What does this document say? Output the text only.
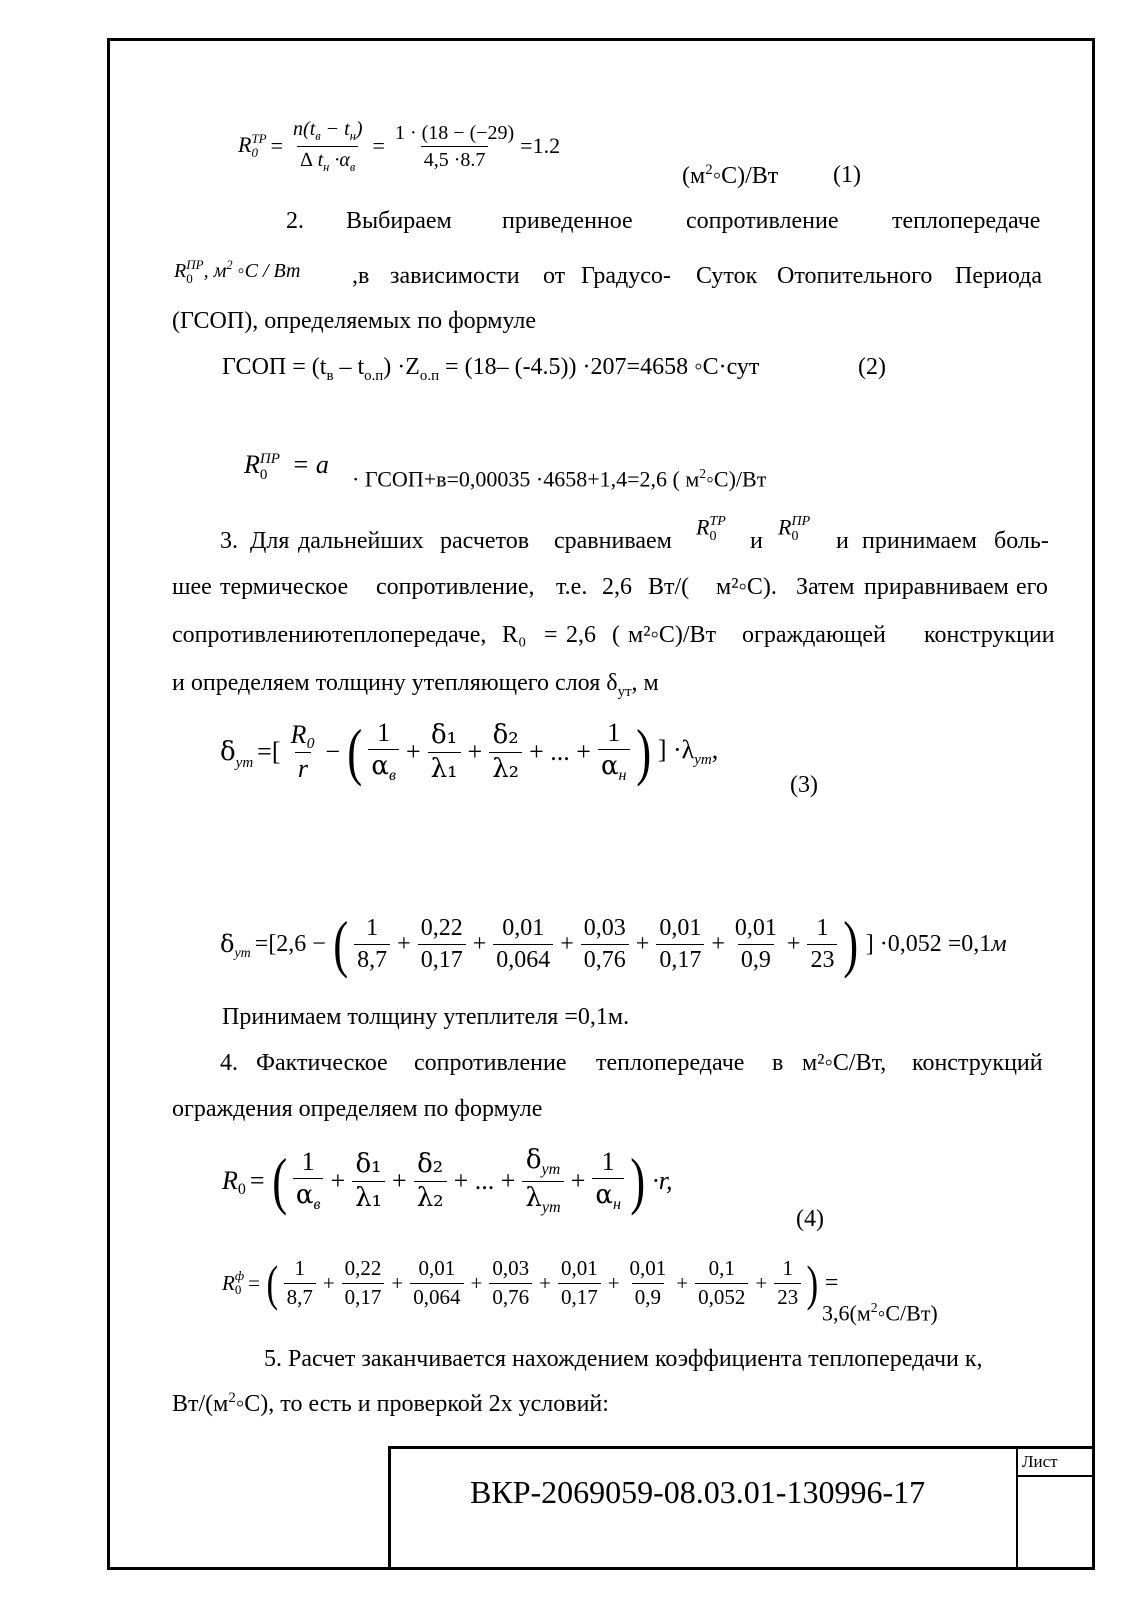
R ТР
$0 = \frac{n(t_в - t_н)}{\Delta t_н \cdot\alpha_в} = \frac{1 \cdot (18 - (-29)}{4,5 \cdot 8.7} =1.2$
$(м^2◦С)/Вт$ (1)
2. Выбираем приведенное сопротивление теплопередаче
R ПР
0 , $м^2$ ◦С / Вт ,в зависимости от Градусо- Суток Отопительного Периода
(ГСОП), определяемых по формуле
ГСОП = $(t_в - t_{о.п}) \cdot Z_{о.п} = (18-$ (-4.5)) ·207=4658 ◦С·сут	(2)
R ПР
0 = a · ГСОП+в=0,00035 ·4658+1,4=2,6 ( $м^2◦С)/Вт$
3. Для дальнейших расчетов сравниваем	и	и принимаем боль-
R ТР
0	R ПР
0
шее термическое сопротивление, т.е. 2,6 Вт/( м²◦С). Затем приравниваем его
сопротивлению теплопередаче, R₀ = 2,6 ( м²◦С)/Вт ограждающей конструкции
и определяем толщину утепляющего слоя $\delta_{ут}$, м
$\delta_{ут}$ =[ $\frac{\text{R₀}}{r}$ − ( $\frac{1}{\alpha_в} + \frac{\text{δ₁}}{\text{λ₁}} + \frac{\text{δ₂}}{\text{λ₂}}$ + ... + $\frac{1}{\alpha_н}$ ) ] $\cdot\lambda_{ут}$,
(3)
$\delta_{ут} =[2,6$ − ( $\frac{1}{8,7} + \frac{0,22}{0,17} + \frac{0,01}{0,064} + \frac{0,03}{0,76} + \frac{0,01}{0,17} + \frac{0,01}{0,9} + \frac{1}{23}$ ) ] ·0,052 =0,1м
Принимаем толщину утеплителя =0,1м.
4. Фактическое сопротивление теплопередаче в м²◦С/Вт, конструкций
ограждения определяем по формуле
$R_0$ = ( $\frac{1}{\alpha_в} + \frac{\text{δ₁}}{\text{λ₁}} + \frac{\text{δ₂}}{\text{λ₂}}$ + ... + $\frac{\delta_{ут}}{\lambda_{ут}} + \frac{1}{\alpha_н}$ ) ·r,
(4)
R ф
0 = ( $\frac{1}{8,7} + \frac{0,22}{0,17} + \frac{0,01}{0,064} + \frac{0,03}{0,76} + \frac{0,01}{0,17} + \frac{0,01}{0,9} + \frac{0,1}{0,052} + \frac{1}{23}$ ) =
$3,6(м^2◦С/Вт)$
5. Расчет заканчивается нахождением коэффициента теплопередачи к,
$Вт/(м^2◦С)$, то есть и проверкой 2х условий:
Лист
ВКР-2069059-08.03.01-130996-17
